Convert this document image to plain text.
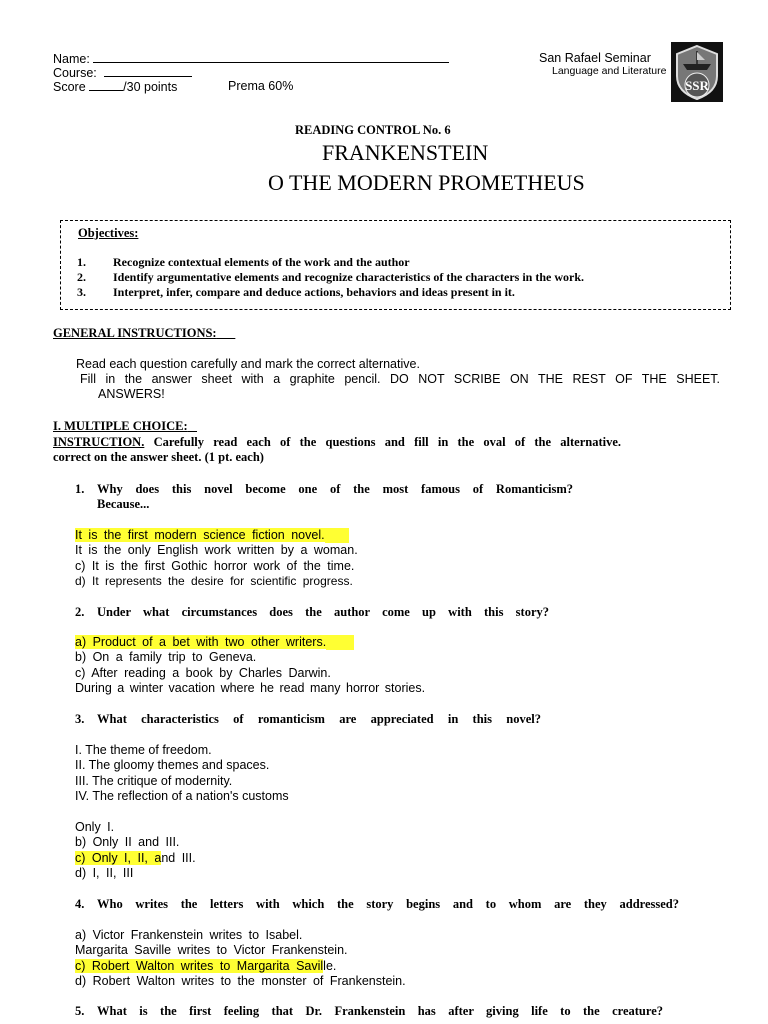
Name:
Course:
Score	/30 points	Prema 60%
San Rafael Seminar
Language and Literature
SSR
READING CONTROL No. 6
FRANKENSTEIN
O THE MODERN PROMETHEUS
Objectives:
1.	Recognize contextual elements of the work and the author
2.	Identify argumentative elements and recognize characteristics of the characters in the work.
3.	Interpret, infer, compare and deduce actions, behaviors and ideas present in it.
GENERAL INSTRUCTIONS:
Read each question carefully and mark the correct alternative.
Fill in the answer sheet with a graphite pencil. DO NOT SCRIBE ON THE REST OF THE SHEET.
ANSWERS!
I. MULTIPLE CHOICE:
INSTRUCTION. Carefully read each of the questions and fill in the oval of the alternative.
correct on the answer sheet. (1 pt. each)
1.	Why does this novel become one of the most famous of Romanticism?
Because...
It is the first modern science fiction novel.
It is the only English work written by a woman.
c) It is the first Gothic horror work of the time.
d) It represents the desire for scientific progress.
2.	Under what circumstances does the author come up with this story?
a) Product of a bet with two other writers.
b) On a family trip to Geneva.
c) After reading a book by Charles Darwin.
During a winter vacation where he read many horror stories.
3.	What characteristics of romanticism are appreciated in this novel?
I. The theme of freedom.
II. The gloomy themes and spaces.
III. The critique of modernity.
IV. The reflection of a nation's customs
Only I.
b) Only II and III.
c) Only I, II, and III.
d) I, II, III
4.	Who writes the letters with which the story begins and to whom are they addressed?
a) Victor Frankenstein writes to Isabel.
Margarita Saville writes to Victor Frankenstein.
c) Robert Walton writes to Margarita Saville.
d) Robert Walton writes to the monster of Frankenstein.
5.	What is the first feeling that Dr. Frankenstein has after giving life to the creature?
